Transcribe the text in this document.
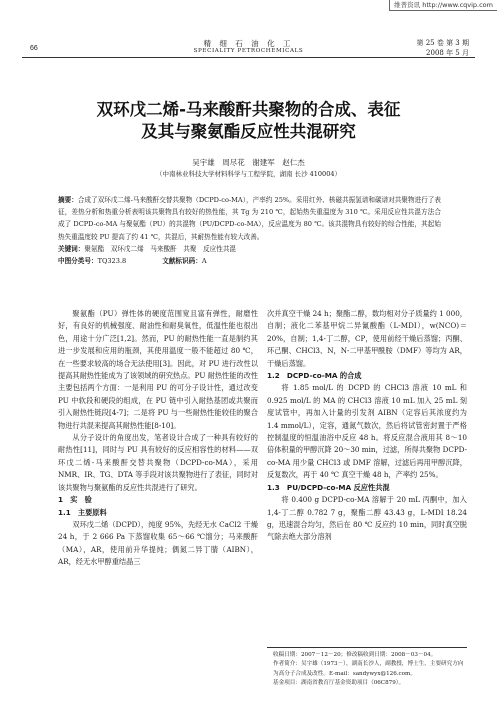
维普资讯 http://www.cqvip.com
66
精 细 石 油 化 工
SPECIALITY PETROCHEMICALS
第 25 卷 第 3 期
2008 年 5 月
双环戊二烯-马来酸酐共聚物的合成、表征
及其与聚氨酯反应性共混研究
吴宇雄　周尽花　谢建军　赵仁杰
（中南林业科技大学材料科学与工程学院，湖南 长沙 410004）
摘要：合成了双环戊二烯-马来酸酐交替共聚物（DCPD-co-MA），产率约 25%。采用红外、核磁共振氢谱和碳谱对共聚物进行了表征，差热分析和热重分析表明该共聚物具有较好的热性能，其 Tg 为 210 ℃，起始热失重温度为 310 ℃。采用反应性共混方法合成了 DCPD-co-MA 与聚氨酯（PU）的共混物（PU/DCPD-co-MA），反应温度为 80 ℃。该共混物具有较好的综合性能，其起始热失重温度较 PU 提高了约 41 ℃，共混后，其耐热性能有较大改善。
关键词：聚氨酯　双环戊二烯　马来酸酐　共聚　反应性共混
中图分类号：TQ323.8	文献标识码：A

聚氨酯（PU）弹性体的硬度范围宽且富有弹性，耐磨性好，有良好的机械强度、耐油性和耐臭氧性，低温性能也很出色，用途十分广泛[1,2]。然而，PU 的耐热性能一直是制约其进一步发展和应用的瓶颈，其使用温度一般不能超过 80 ℃，在一些要求较高的场合无法使用[3]。因此，对 PU 进行改性以提高其耐热性能成为了该领域的研究热点。PU 耐热性能的改性主要包括两个方面：一是利用 PU 的可分子设计性，通过改变 PU 中软段和硬段的组成，在 PU 链中引入耐热基团或共聚而引入耐热性链段[4-7]；二是将 PU 与一些耐热性能较佳的聚合物进行共混来提高其耐热性能[8-10]。

从分子设计的角度出发，笔者设计合成了一种具有较好的耐热性[11]，同时与 PU 具有较好的反应相容性的材料——双环戊二烯-马来酸酐交替共聚物（DCPD-co-MA），采用 NMR、IR、TG、DTA 等手段对该共聚物进行了表征，同时对该共聚物与聚氨酯的反应性共混进行了研究。

1　实　验
1.1　主要原料

双环戊二烯（DCPD），纯度 95%，先经无水 CaCl2 干燥 24 h，于 2 666 Pa 下蒸馏收集 65～66 ℃馏分；马来酸酐（MA），AR，使用前升华提纯；偶氮二异丁腈（AIBN），AR，经无水甲醇重结晶三

次并真空干燥 24 h；聚酯二醇，数均相对分子质量约 1 000，自制；液化二苯基甲烷二异氰酸酯（L-MDI），w(NCO)＝20%，自制；1,4-丁二醇，CP，使用前经干燥后蒸馏；丙酮、环己酮、CHCl3、N，N-二甲基甲酰胺（DMF）等均为 AR，干燥后蒸馏。

1.2　DCPD-co-MA 的合成

将 1.85 mol/L 的 DCPD 的 CHCl3 溶液 10 mL 和 0.925 mol/L 的 MA 的 CHCl3 溶液 10 mL 加入 25 mL 刻度试管中，再加入计量的引发剂 AIBN（定容后其浓度约为 1.4 mmol/L），定容，通氮气数次，然后将试管密封置于严格控制温度的恒温油浴中反应 48 h。将反应混合液用其 8～10 倍体积量的甲醇沉降 20～30 min，过滤，所得共聚物 DCPD-co-MA 用少量 CHCl3 或 DMF 溶解，过滤后再用甲醇沉降，反复数次，再于 40 ℃ 真空干燥 48 h，产率约 25%。

1.3　PU/DCPD-co-MA 反应性共混

将 0.400 g DCPD-co-MA 溶解于 20 mL 丙酮中，加入 1,4-丁二醇 0.782 7 g，聚酯二醇 43.43 g，L-MDI 18.24 g，迅速混合均匀，然后在 80 ℃ 反应约 10 min，同时真空脱气除去绝大部分溶剂

收稿日期：2007－12－20；修改稿收到日期：2008－03－04。
作者简介：吴宇雄（1973－），湖南长沙人，副教授，博士生，主要研究方向为高分子合成及改性。E-mail：sandywyx@126.com。
基金项目：湖南省教育厅基金资助项目（06C879）。
